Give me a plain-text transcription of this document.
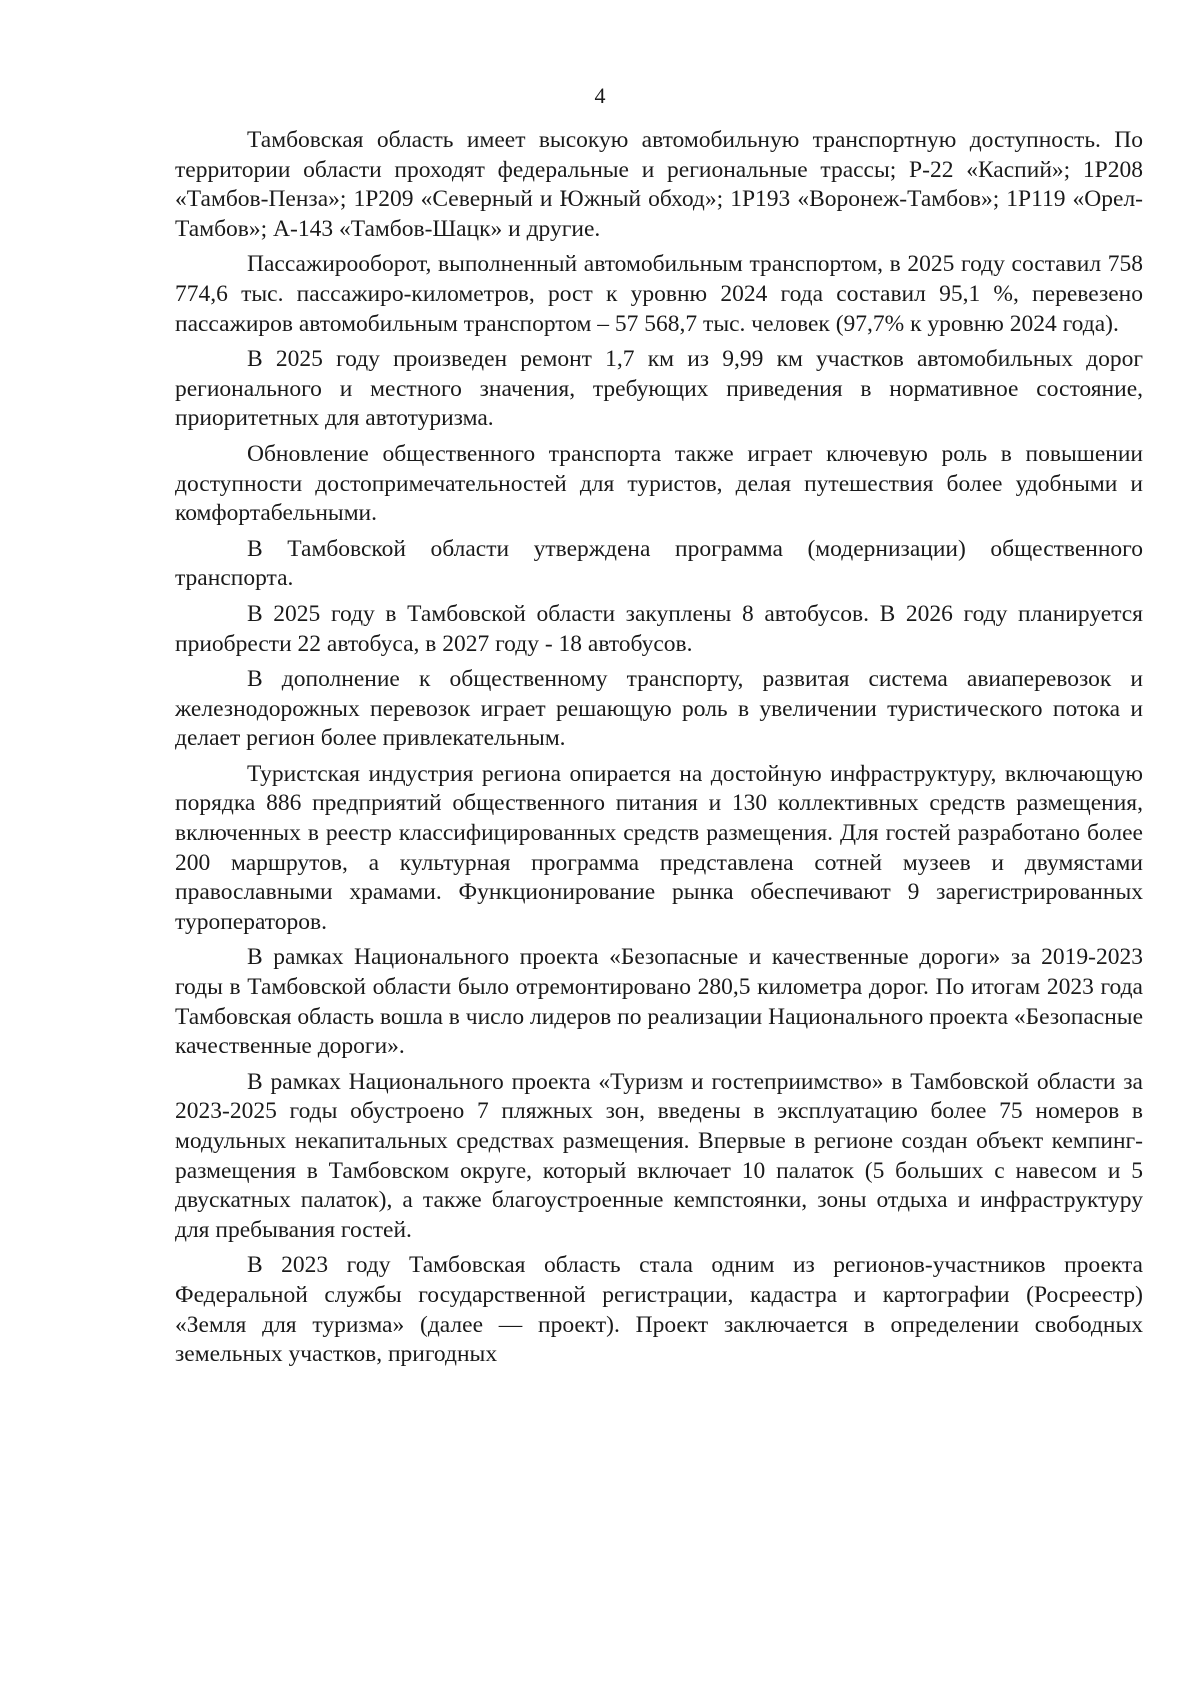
4

Тамбовская область имеет высокую автомобильную транспортную доступность. По территории области проходят федеральные и региональные трассы; Р-22 «Каспий»; 1Р208 «Тамбов-Пенза»; 1Р209 «Северный и Южный обход»; 1Р193 «Воронеж-Тамбов»; 1Р119 «Орел-Тамбов»; А-143 «Тамбов-Шацк» и другие.

Пассажирооборот, выполненный автомобильным транспортом, в 2025 году составил 758 774,6 тыс. пассажиро-километров, рост к уровню 2024 года составил 95,1 %, перевезено пассажиров автомобильным транспортом – 57 568,7 тыс. человек (97,7% к уровню 2024 года).

В 2025 году произведен ремонт 1,7 км из 9,99 км участков автомобильных дорог регионального и местного значения, требующих приведения в нормативное состояние, приоритетных для автотуризма.

Обновление общественного транспорта также играет ключевую роль в повышении доступности достопримечательностей для туристов, делая путешествия более удобными и комфортабельными.

В Тамбовской области утверждена программа (модернизации) общественного транспорта.

В 2025 году в Тамбовской области закуплены 8 автобусов. В 2026 году планируется приобрести 22 автобуса, в 2027 году - 18 автобусов.

В дополнение к общественному транспорту, развитая система авиаперевозок и железнодорожных перевозок играет решающую роль в увеличении туристического потока и делает регион более привлекательным.

Туристская индустрия региона опирается на достойную инфраструктуру, включающую порядка 886 предприятий общественного питания и 130 коллективных средств размещения, включенных в реестр классифицированных средств размещения. Для гостей разработано более 200 маршрутов, а культурная программа представлена сотней музеев и двумястами православными храмами. Функционирование рынка обеспечивают 9 зарегистрированных туроператоров.

В рамках Национального проекта «Безопасные и качественные дороги» за 2019-2023 годы в Тамбовской области было отремонтировано 280,5 километра дорог. По итогам 2023 года Тамбовская область вошла в число лидеров по реализации Национального проекта «Безопасные качественные дороги».

В рамках Национального проекта «Туризм и гостеприимство» в Тамбовской области за 2023-2025 годы обустроено 7 пляжных зон, введены в эксплуатацию более 75 номеров в модульных некапитальных средствах размещения. Впервые в регионе создан объект кемпинг-размещения в Тамбовском округе, который включает 10 палаток (5 больших с навесом и 5 двускатных палаток), а также благоустроенные кемпстоянки, зоны отдыха и инфраструктуру для пребывания гостей.

В 2023 году Тамбовская область стала одним из регионов-участников проекта Федеральной службы государственной регистрации, кадастра и картографии (Росреестр) «Земля для туризма» (далее — проект). Проект заключается в определении свободных земельных участков, пригодных
